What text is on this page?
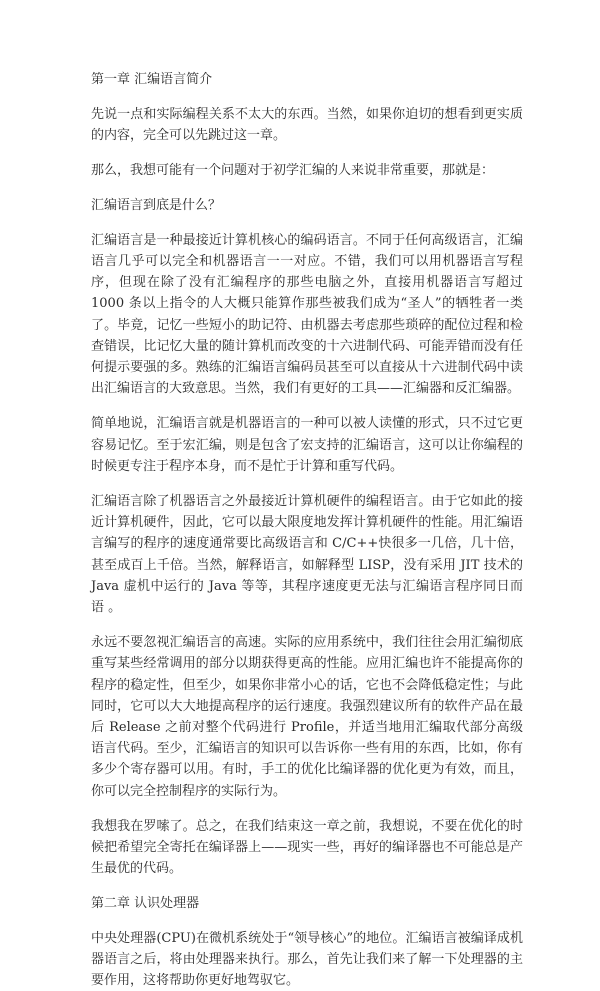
第一章 汇编语言简介

先说一点和实际编程关系不太大的东西。当然，如果你迫切的想看到更实质的内容，完全可以先跳过这一章。

那么，我想可能有一个问题对于初学汇编的人来说非常重要，那就是：

汇编语言到底是什么？

汇编语言是一种最接近计算机核心的编码语言。不同于任何高级语言，汇编语言几乎可以完全和机器语言一一对应。不错，我们可以用机器语言写程序，但现在除了没有汇编程序的那些电脑之外，直接用机器语言写超过 1000 条以上指令的人大概只能算作那些被我们成为“圣人”的牺牲者一类了。毕竟，记忆一些短小的助记符、由机器去考虑那些琐碎的配位过程和检查错误，比记忆大量的随计算机而改变的十六进制代码、可能弄错而没有任何提示要强的多。熟练的汇编语言编码员甚至可以直接从十六进制代码中读出汇编语言的大致意思。当然，我们有更好的工具——汇编器和反汇编器。

简单地说，汇编语言就是机器语言的一种可以被人读懂的形式，只不过它更容易记忆。至于宏汇编，则是包含了宏支持的汇编语言，这可以让你编程的时候更专注于程序本身，而不是忙于计算和重写代码。

汇编语言除了机器语言之外最接近计算机硬件的编程语言。由于它如此的接近计算机硬件，因此，它可以最大限度地发挥计算机硬件的性能。用汇编语言编写的程序的速度通常要比高级语言和 C/C++快很多一几倍，几十倍，甚至成百上千倍。当然，解释语言，如解释型 LISP，没有采用 JIT 技术的 Java 虚机中运行的 Java 等等，其程序速度更无法与汇编语言程序同日而语 。

永远不要忽视汇编语言的高速。实际的应用系统中，我们往往会用汇编彻底重写某些经常调用的部分以期获得更高的性能。应用汇编也许不能提高你的程序的稳定性，但至少，如果你非常小心的话，它也不会降低稳定性；与此同时，它可以大大地提高程序的运行速度。我强烈建议所有的软件产品在最后 Release 之前对整个代码进行 Profile，并适当地用汇编取代部分高级语言代码。至少，汇编语言的知识可以告诉你一些有用的东西，比如，你有多少个寄存器可以用。有时，手工的优化比编译器的优化更为有效，而且，你可以完全控制程序的实际行为。

我想我在罗嗦了。总之，在我们结束这一章之前，我想说，不要在优化的时候把希望完全寄托在编译器上——现实一些，再好的编译器也不可能总是产生最优的代码。

第二章 认识处理器

中央处理器(CPU)在微机系统处于“领导核心”的地位。汇编语言被编译成机器语言之后，将由处理器来执行。那么，首先让我们来了解一下处理器的主要作用，这将帮助你更好地驾驭它。
